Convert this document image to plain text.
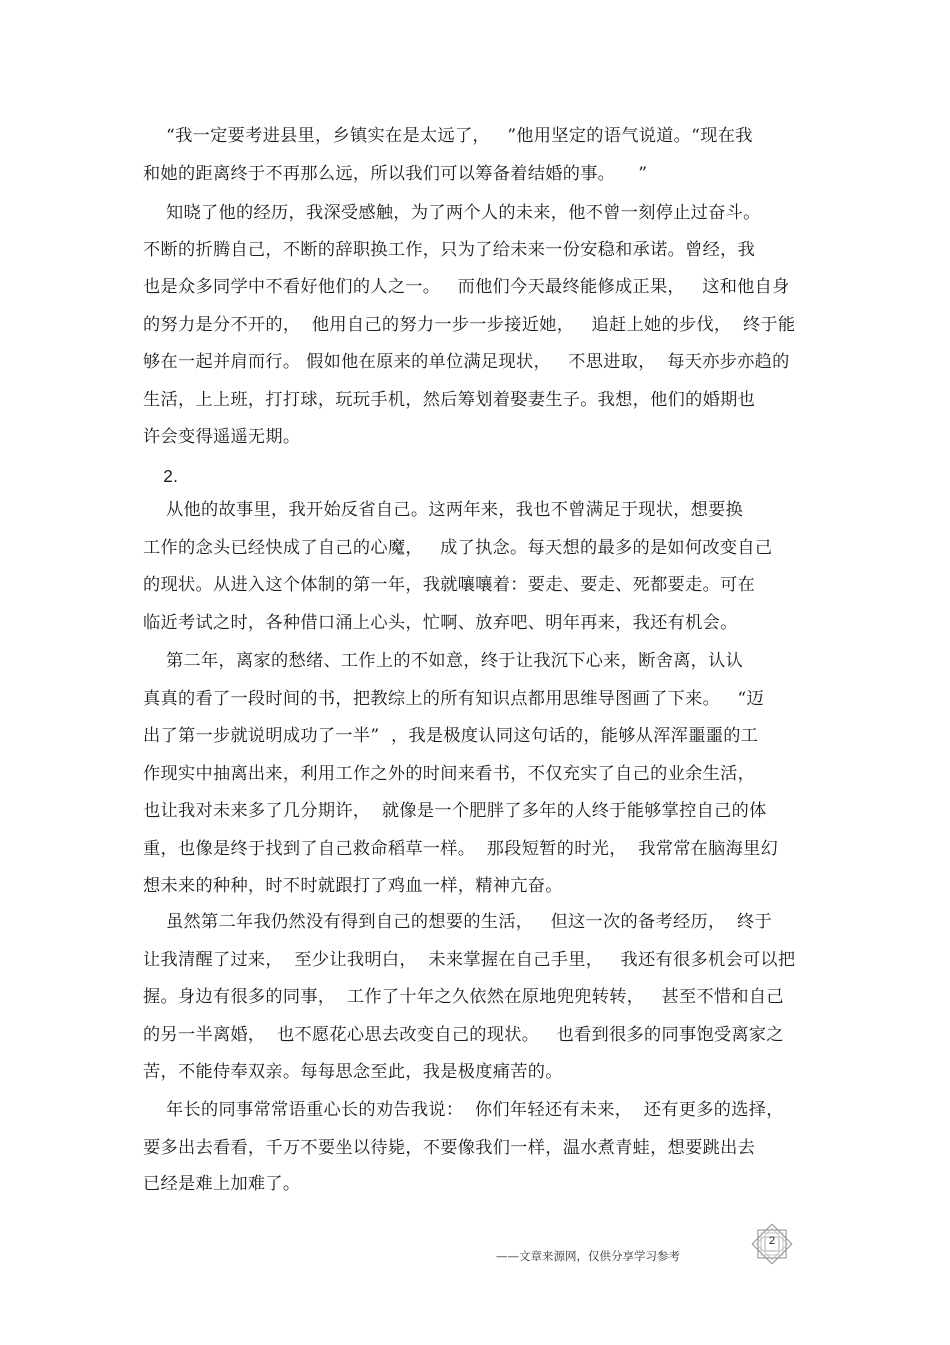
“我一定要考进县里，乡镇实在是太远了，   ”他用坚定的语气说道。“现在我
和她的距离终于不再那么远，所以我们可以筹备着结婚的事。    ”
知晓了他的经历，我深受感触，为了两个人的未来，他不曾一刻停止过奋斗。
不断的折腾自己，不断的辞职换工作，只为了给未来一份安稳和承诺。曾经，我
也是众多同学中不看好他们的人之一。   而他们今天最终能修成正果，   这和他自身
的努力是分不开的，  他用自己的努力一步一步接近她，   追赶上她的步伐，  终于能
够在一起并肩而行。 假如他在原来的单位满足现状，   不思进取，  每天亦步亦趋的
生活，上上班，打打球，玩玩手机，然后筹划着娶妻生子。我想，他们的婚期也
许会变得遥遥无期。
2.
从他的故事里，我开始反省自己。这两年来，我也不曾满足于现状，想要换
工作的念头已经快成了自己的心魔，   成了执念。每天想的最多的是如何改变自己
的现状。从进入这个体制的第一年，我就嚷嚷着：要走、要走、死都要走。可在
临近考试之时，各种借口涌上心头，忙啊、放弃吧、明年再来，我还有机会。
第二年，离家的愁绪、工作上的不如意，终于让我沉下心来，断舍离，认认
真真的看了一段时间的书，把教综上的所有知识点都用思维导图画了下来。   “迈
出了第一步就说明成功了一半”  ，我是极度认同这句话的，能够从浑浑噩噩的工
作现实中抽离出来，利用工作之外的时间来看书，不仅充实了自己的业余生活，
也让我对未来多了几分期许，  就像是一个肥胖了多年的人终于能够掌控自己的体
重，也像是终于找到了自己救命稻草一样。  那段短暂的时光，  我常常在脑海里幻
想未来的种种，时不时就跟打了鸡血一样，精神亢奋。
虽然第二年我仍然没有得到自己的想要的生活，   但这一次的备考经历，  终于
让我清醒了过来，  至少让我明白，  未来掌握在自己手里，   我还有很多机会可以把
握。身边有很多的同事，  工作了十年之久依然在原地兜兜转转，   甚至不惜和自己
的另一半离婚，  也不愿花心思去改变自己的现状。   也看到很多的同事饱受离家之
苦，不能侍奉双亲。每每思念至此，我是极度痛苦的。
年长的同事常常语重心长的劝告我说：  你们年轻还有未来，  还有更多的选择，
要多出去看看，千万不要坐以待毙，不要像我们一样，温水煮青蛙，想要跳出去
已经是难上加难了。
——文章来源网，仅供分享学习参考
2
